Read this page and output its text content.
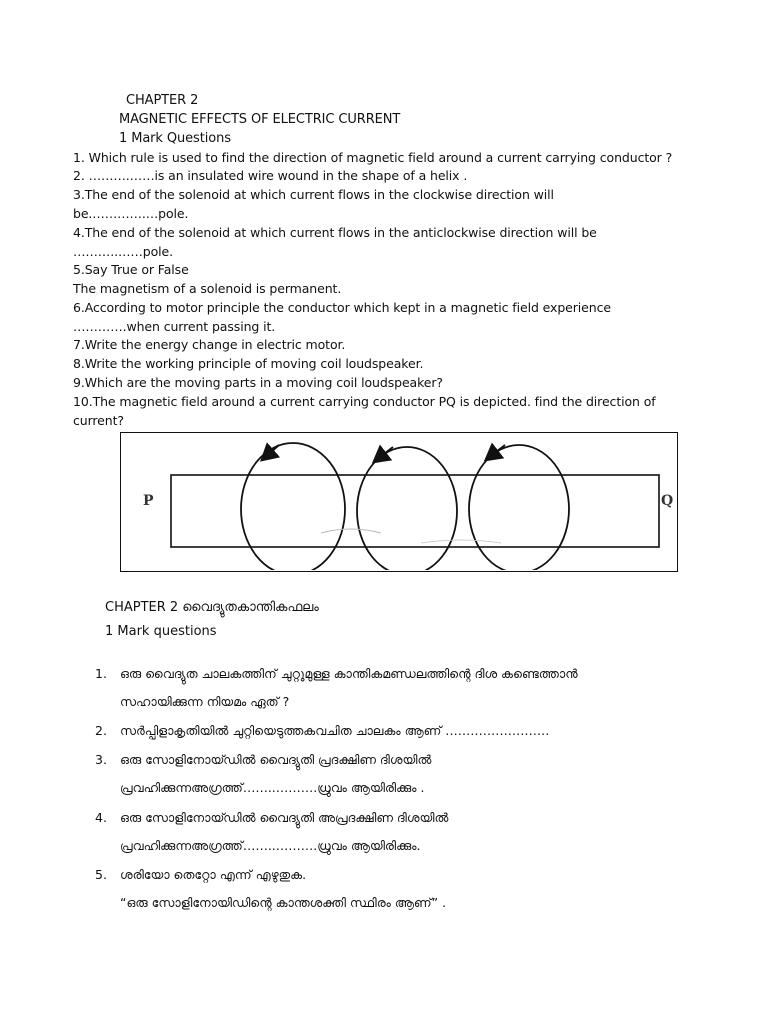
CHAPTER 2
MAGNETIC EFFECTS OF ELECTRIC CURRENT
1 Mark Questions
1. Which rule is used to find the direction of magnetic field around a current carrying conductor ?
2. ……….……is an insulated wire wound in the shape of a helix .
3.The end of the solenoid at which current flows in the clockwise direction will
be.………….…pole.
4.The end of the solenoid at which current flows in the anticlockwise direction will be
………..……pole.
5.Say True or False
The magnetism of a solenoid is permanent.
6.According to motor principle the conductor which kept in a magnetic field experience
………….when current passing it.
7.Write the energy change in electric motor.
8.Write the working principle of moving coil loudspeaker.
9.Which are the moving parts in a moving coil loudspeaker?
10.The magnetic field around a current carrying conductor PQ is depicted. find the direction of
current?
P	Q
CHAPTER 2 വൈദ്യുതകാന്തികഫലം
1 Mark questions
1. ഒരു വൈദ്യുത ചാലകത്തിന് ചുറ്റുമുള്ള കാന്തികമണ്ഡലത്തിന്റെ ദിശ കണ്ടെത്താൻ
സഹായിക്കുന്ന നിയമം ഏത് ?
2. സർപ്പിളാകൃതിയിൽ ചുറ്റിയെടുത്തകവചിത ചാലകം ആണ് …………………….
3. ഒരു സോളിനോയ്ഡിൽ വൈദ്യുതി പ്രദക്ഷിണ ദിശയിൽ
പ്രവഹിക്കുന്നഅഗ്രത്ത്……..……….ധ്രുവം ആയിരിക്കും .
4. ഒരു സോളിനോയ്ഡിൽ വൈദ്യുതി അപ്രദക്ഷിണ ദിശയിൽ
പ്രവഹിക്കുന്നഅഗ്രത്ത്……..……….ധ്രുവം ആയിരിക്കും.
5. ശരിയോ തെറ്റോ എന്ന് എഴുതുക.
“ഒരു സോളിനോയിഡിന്റെ കാന്തശക്തി സ്ഥിരം ആണ്” .
